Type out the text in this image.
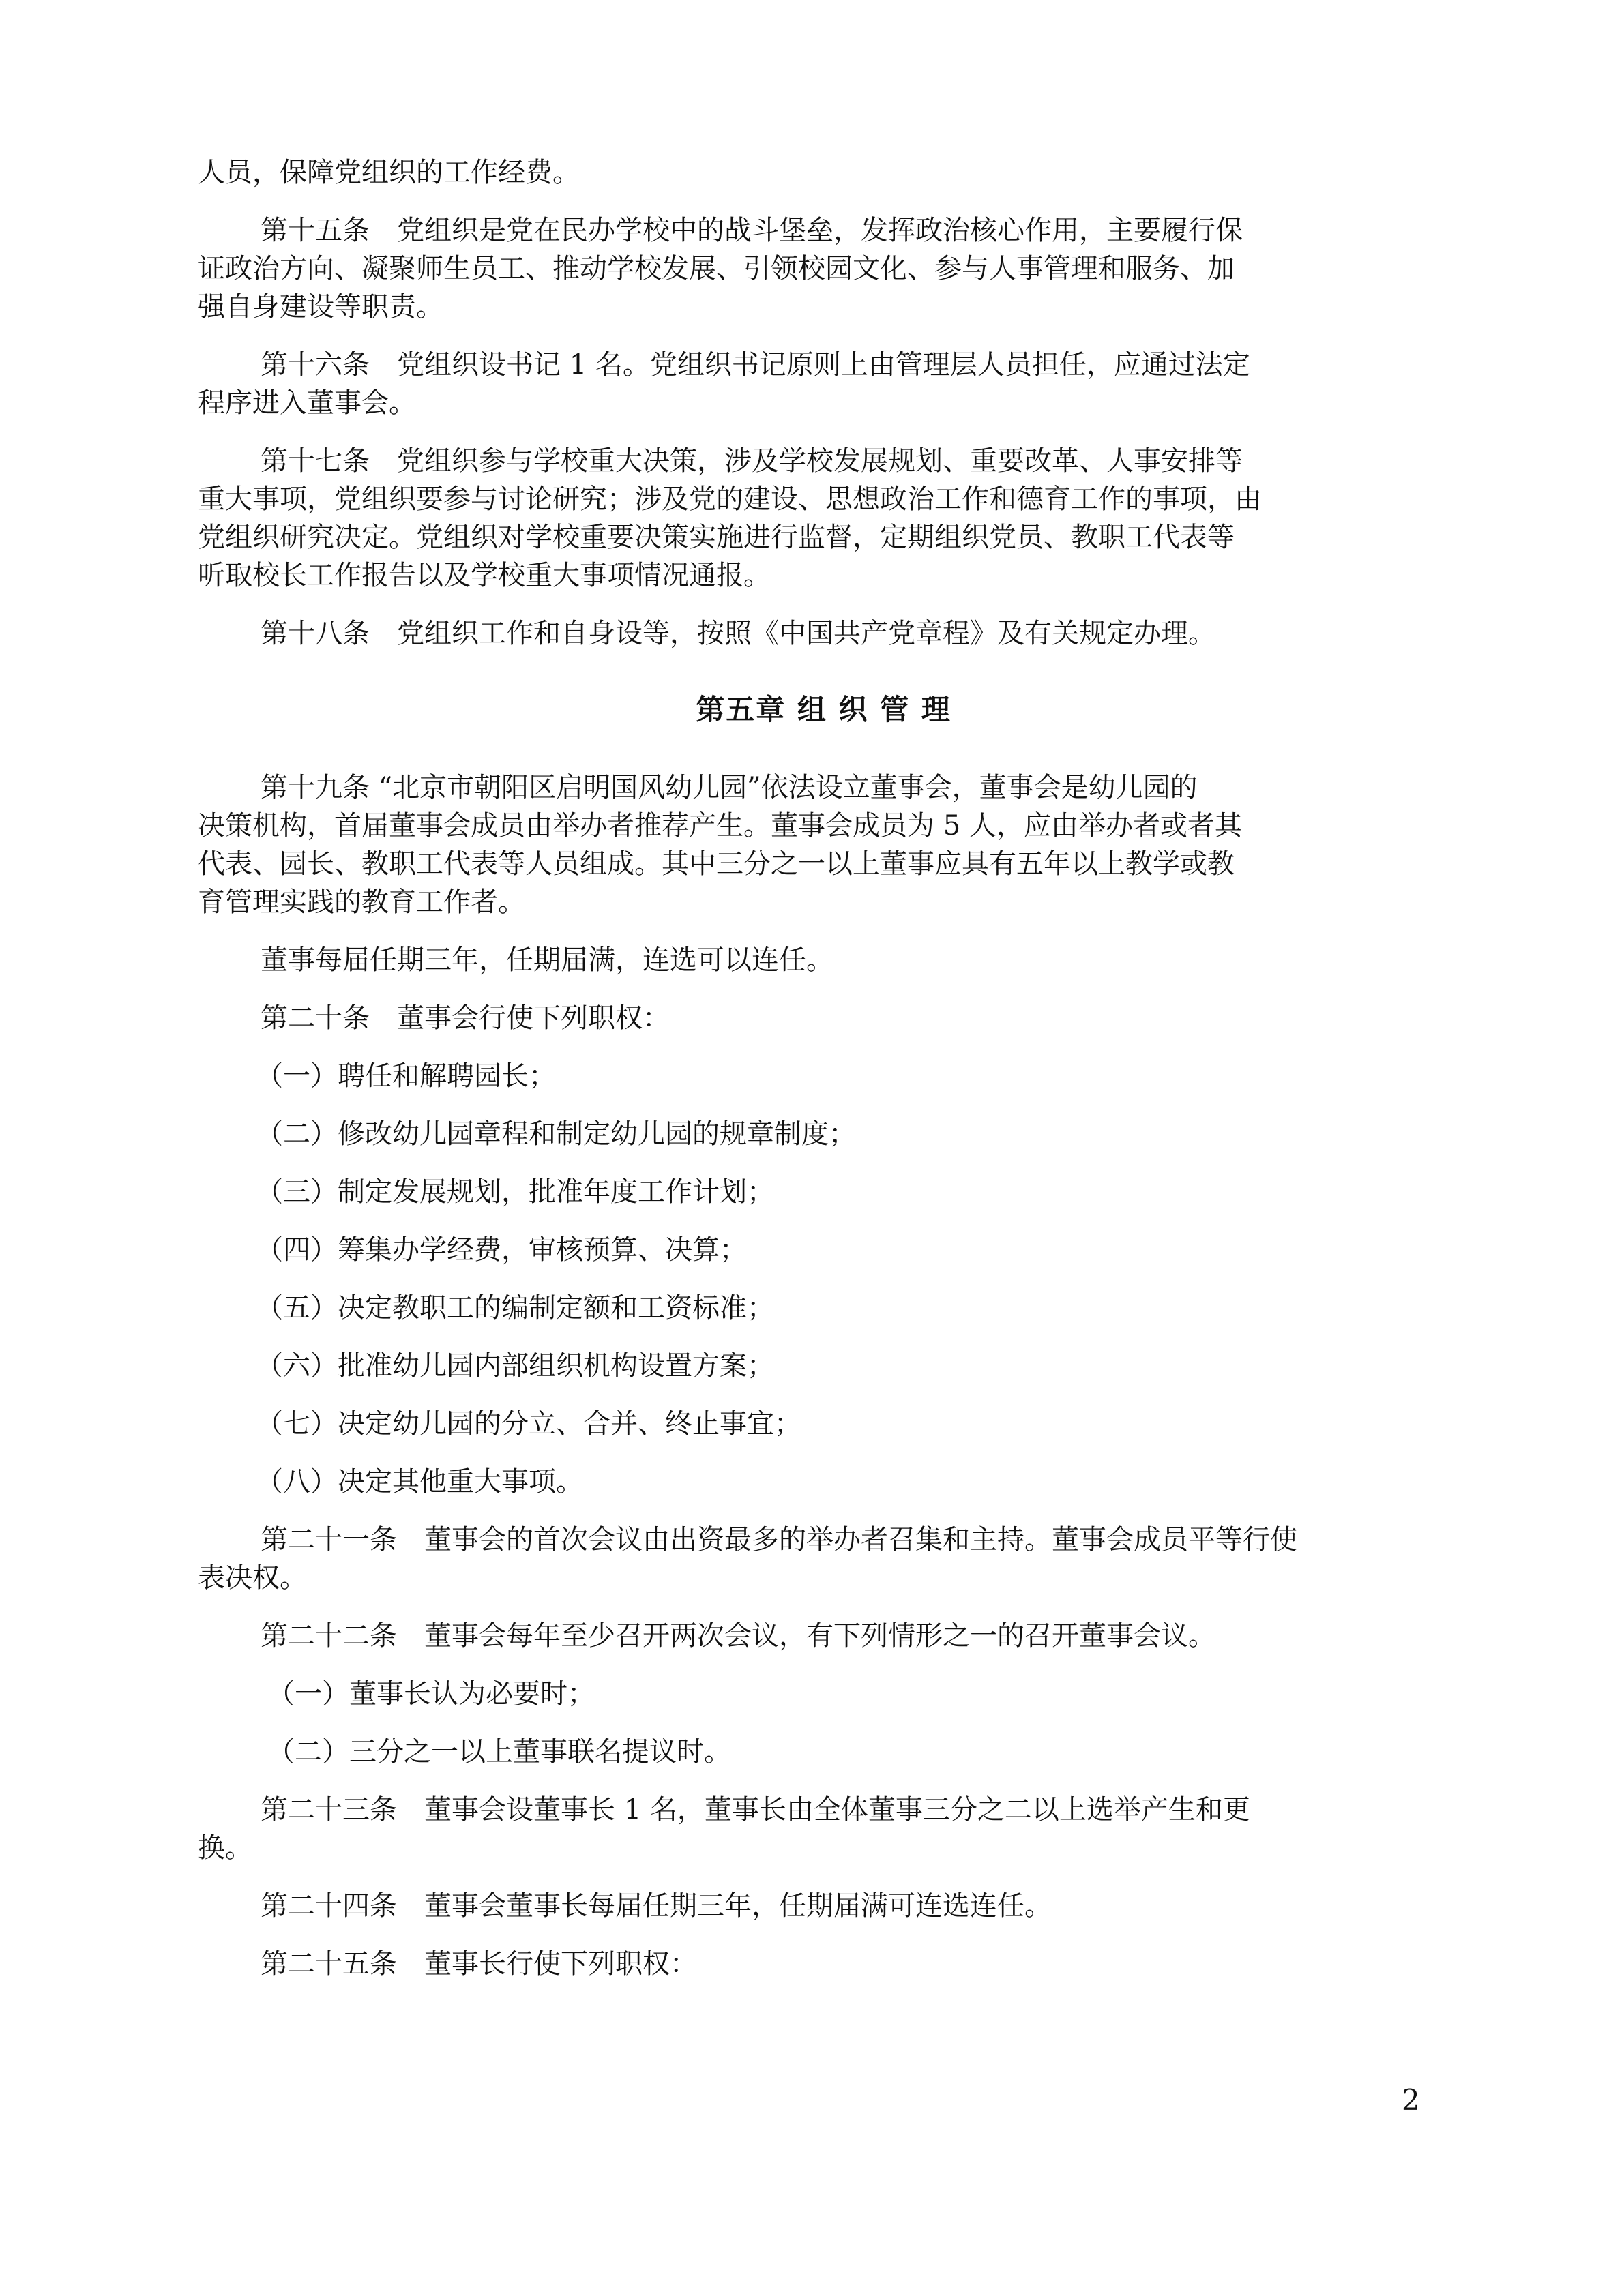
人员，保障党组织的工作经费。

第十五条　党组织是党在民办学校中的战斗堡垒，发挥政治核心作用，主要履行保

证政治方向、凝聚师生员工、推动学校发展、引领校园文化、参与人事管理和服务、加

强自身建设等职责。

第十六条　党组织设书记 1 名。党组织书记原则上由管理层人员担任，应通过法定

程序进入董事会。

第十七条　党组织参与学校重大决策，涉及学校发展规划、重要改革、人事安排等

重大事项，党组织要参与讨论研究；涉及党的建设、思想政治工作和德育工作的事项，由

党组织研究决定。党组织对学校重要决策实施进行监督，定期组织党员、教职工代表等

听取校长工作报告以及学校重大事项情况通报。

第十八条　党组织工作和自身设等，按照《中国共产党章程》及有关规定办理。

第五章 组 织 管 理

第十九条 “北京市朝阳区启明国风幼儿园”依法设立董事会，董事会是幼儿园的

决策机构，首届董事会成员由举办者推荐产生。董事会成员为 5 人，应由举办者或者其

代表、园长、教职工代表等人员组成。其中三分之一以上董事应具有五年以上教学或教

育管理实践的教育工作者。

董事每届任期三年，任期届满，连选可以连任。

第二十条　董事会行使下列职权：

（一）聘任和解聘园长；

（二）修改幼儿园章程和制定幼儿园的规章制度；

（三）制定发展规划，批准年度工作计划；

（四）筹集办学经费，审核预算、决算；

（五）决定教职工的编制定额和工资标准；

（六）批准幼儿园内部组织机构设置方案；

（七）决定幼儿园的分立、合并、终止事宜；

（八）决定其他重大事项。

第二十一条　董事会的首次会议由出资最多的举办者召集和主持。董事会成员平等行使

表决权。

第二十二条　董事会每年至少召开两次会议，有下列情形之一的召开董事会议。

（一）董事长认为必要时；

（二）三分之一以上董事联名提议时。

第二十三条　董事会设董事长 1 名，董事长由全体董事三分之二以上选举产生和更

换。

第二十四条　董事会董事长每届任期三年，任期届满可连选连任。

第二十五条　董事长行使下列职权：

2
